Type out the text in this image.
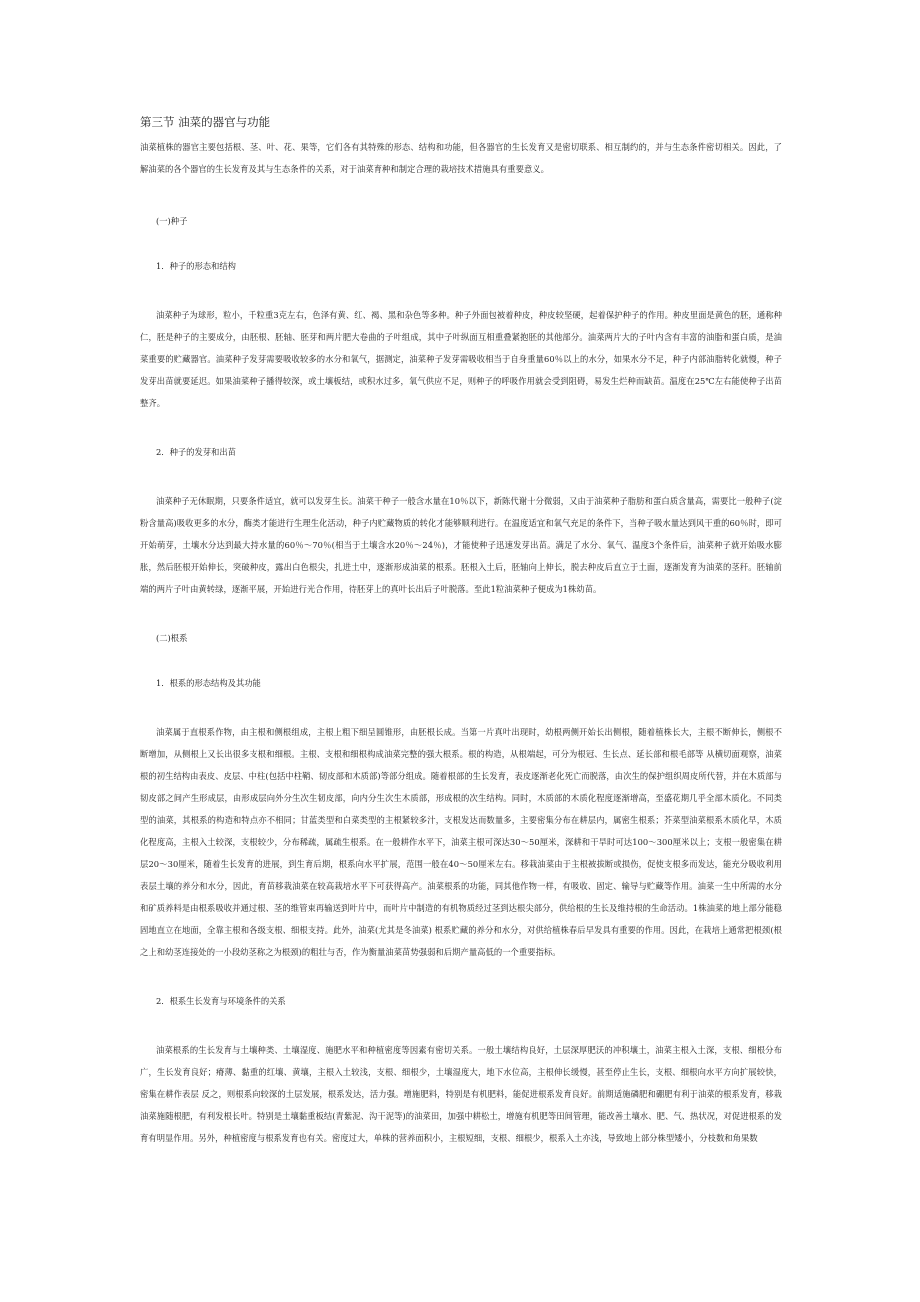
第三节 油菜的器官与功能

油菜植株的器官主要包括根、茎、叶、花、果等，它们各有其特殊的形态、结构和功能，但各器官的生长发育又是密切联系、相互制约的，并与生态条件密切相关。因此，了解油菜的各个器官的生长发育及其与生态条件的关系，对于油菜育种和制定合理的栽培技术措施具有重要意义。

(一)种子

1．种子的形态和结构

油菜种子为球形，粒小，千粒重3克左右，色泽有黄、红、褐、黑和杂色等多种。种子外面包被着种皮，种皮较坚硬，起着保护种子的作用。种皮里面是黄色的胚，通称种仁，胚是种子的主要成分，由胚根、胚轴、胚芽和两片肥大卷曲的子叶组成，其中子叶纵面互相重叠紧抱胚的其他部分。油菜两片大的子叶内含有丰富的油脂和蛋白质，是油菜重要的贮藏器官。油菜种子发芽需要吸收较多的水分和氧气，据测定，油菜种子发芽需吸收相当于自身重量60％以上的水分，如果水分不足，种子内部油脂转化就慢，种子发芽出苗就要延迟。如果油菜种子播得较深，或土壤板结，或积水过多，氧气供应不足，则种子的呼吸作用就会受到阻碍，易发生烂种而缺苗。温度在25℃左右能使种子出苗整齐。

2．种子的发芽和出苗

油菜种子无休眠期，只要条件适宜，就可以发芽生长。油菜干种子一般含水量在10％以下，新陈代谢十分微弱，又由于油菜种子脂肪和蛋白质含量高，需要比一般种子(淀粉含量高)吸收更多的水分，酶类才能进行生理生化活动，种子内贮藏物质的转化才能够顺利进行。在温度适宜和氧气充足的条件下，当种子吸水量达到风干重的60％时，即可开始萌芽，土壤水分达到最大持水量的60％～70％(相当于土壤含水20％～24％)，才能使种子迅速发芽出苗。满足了水分、氧气、温度3个条件后，油菜种子就开始吸水膨胀，然后胚根开始伸长，突破种皮，露出白色根尖，扎进土中，逐渐形成油菜的根系。胚根入土后，胚轴向上伸长，脱去种皮后直立于土面，逐渐发育为油菜的茎秆。胚轴前端的两片子叶由黄转绿，逐渐平展，开始进行光合作用，待胚芽上的真叶长出后子叶脱落。至此1粒油菜种子便成为1株幼苗。

(二)根系

1．根系的形态结构及其功能

油菜属于直根系作物，由主根和侧根组成，主根上粗下细呈圆锥形，由胚根长成。当第一片真叶出现时，幼根两侧开始长出侧根，随着植株长大，主根不断伸长，侧根不断增加，从侧根上又长出很多支根和细根。主根、支根和细根构成油菜完整的强大根系。根的构造，从根端起，可分为根冠、生长点、延长部和根毛部等 从横切面观察，油菜根的初生结构由表皮、皮层、中柱(包括中柱鞘、韧皮部和木质部)等部分组成。随着根部的生长发育，表皮逐渐老化死亡而脱落，由次生的保护组织周皮所代替，并在木质部与韧皮部之间产生形成层，由形成层向外分生次生韧皮部，向内分生次生木质部，形成根的次生结构。同时，木质部的木质化程度逐渐增高，至盛花期几乎全部木质化。不同类型的油菜，其根系的构造和特点亦不相同；甘蓝类型和白菜类型的主根紧较多汁，支根发达而数量多，主要密集分布在耕层内，属密生根系；芥菜型油菜根系木质化早，木质化程度高，主根入土较深，支根较少，分布稀疏，属疏生根系。在一般耕作水平下，油菜主根可深达30～50厘米，深耕和干旱时可达100～300厘米以上；支根一般密集在耕层20～30厘米，随着生长发育的进展，到生育后期，根系向水平扩展，范围一般在40～50厘米左右。移栽油菜由于主根被拔断或损伤，促使支根多而发达，能充分吸收利用表层土壤的养分和水分，因此，育苗移栽油菜在较高栽培水平下可获得高产。油菜根系的功能，同其他作物一样，有吸收、固定、输导与贮藏等作用。油菜一生中所需的水分和矿质养料是由根系吸收并通过根、茎的维管束再输送到叶片中，而叶片中制造的有机物质经过茎到达根尖部分，供给根的生长及维持根的生命活动。1株油菜的地上部分能稳固地直立在地面，全靠主根和各级支根、细根支持。此外，油菜(尤其是冬油菜) 根系贮藏的养分和水分，对供给植株春后早发具有重要的作用。因此，在栽培上通常把根颈(根之上和幼茎连接处的一小段幼茎称之为根颈)的粗壮与否，作为衡量油菜苗势强弱和后期产量高低的一个重要指标。

2．根系生长发育与环境条件的关系

油菜根系的生长发育与土壤种类、土壤湿度、施肥水平和种植密度等因素有密切关系。一般土壤结构良好，土层深厚肥沃的冲积壤土，油菜主根入土深，支根、细根分布广，生长发育良好；瘠薄、黏重的红壤、黄壤，主根入土较浅，支根、细根少，土壤湿度大，地下水位高，主根伸长缓慢，甚至停止生长，支根、细根向水平方向扩展较快，密集在耕作表层 反之，则根系向较深的土层发展，根系发达，活力强。增施肥料，特别是有机肥料，能促进根系发育良好。前期适施磷肥和硼肥有利于油菜的根系发育，移栽油菜施随根肥，有利发根长叶。特别是土壤黏重板结(青紫泥、沟干泥等)的油菜田，加强中耕松土，增施有机肥等田间管理，能改善土壤水、肥、气、热状况，对促进根系的发育有明显作用。另外，种植密度与根系发育也有关。密度过大，单株的营养面积小，主根短细，支根、细根少，根系入土亦浅，导致地上部分株型矮小，分枝数和角果数
